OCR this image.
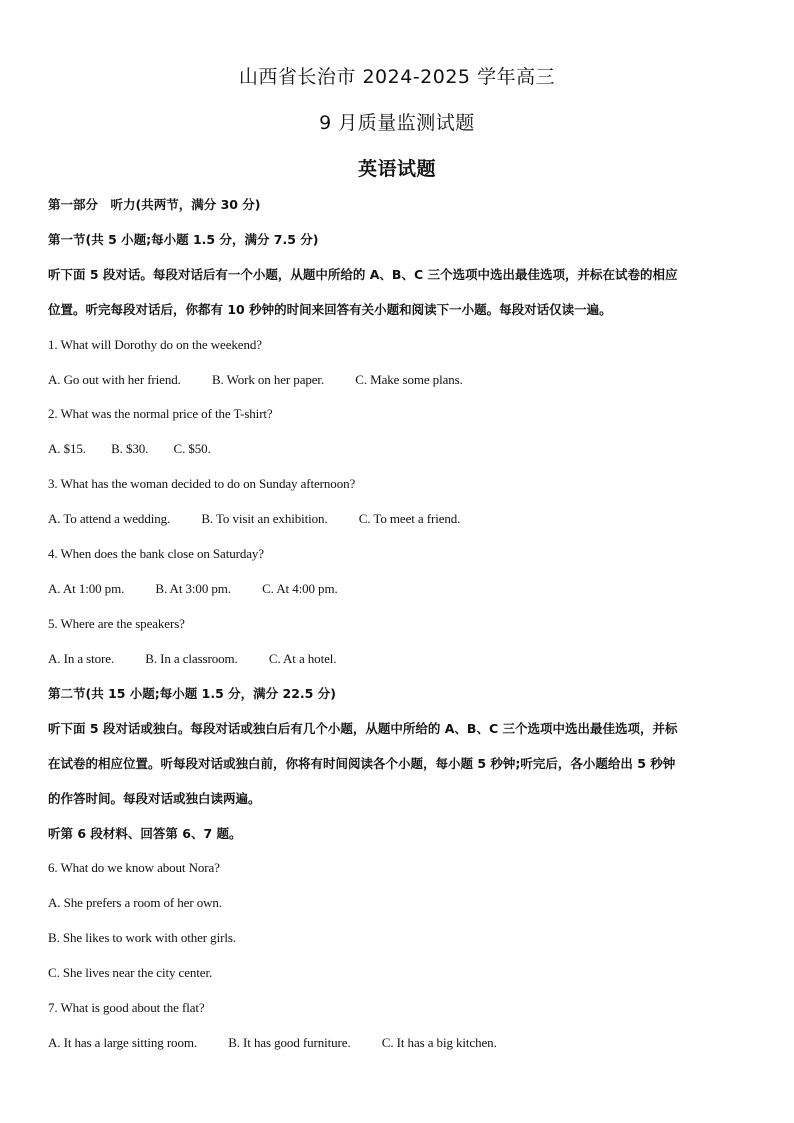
山西省长治市 2024-2025 学年高三
9 月质量监测试题
英语试题
第一部分　听力(共两节，满分 30 分)
第一节(共 5 小题;每小题 1.5 分，满分 7.5 分)
听下面 5 段对话。每段对话后有一个小题，从题中所给的 A、B、C 三个选项中选出最佳选项，并标在试卷的相应
位置。听完每段对话后，你都有 10 秒钟的时间来回答有关小题和阅读下一小题。每段对话仅读一遍。
1. What will Dorothy do on the weekend?
A. Go out with her friend. B. Work on her paper. C. Make some plans.
2. What was the normal price of the T-shirt?
A. $15. B. $30. C. $50.
3. What has the woman decided to do on Sunday afternoon?
A. To attend a wedding. B. To visit an exhibition. C. To meet a friend.
4. When does the bank close on Saturday?
A. At 1:00 pm. B. At 3:00 pm. C. At 4:00 pm.
5. Where are the speakers?
A. In a store. B. In a classroom. C. At a hotel.
第二节(共 15 小题;每小题 1.5 分，满分 22.5 分)
听下面 5 段对话或独白。每段对话或独白后有几个小题，从题中所给的 A、B、C 三个选项中选出最佳选项，并标
在试卷的相应位置。听每段对话或独白前，你将有时间阅读各个小题，每小题 5 秒钟;听完后，各小题给出 5 秒钟
的作答时间。每段对话或独白读两遍。
听第 6 段材料、回答第 6、7 题。
6. What do we know about Nora?
A. She prefers a room of her own.
B. She likes to work with other girls.
C. She lives near the city center.
7. What is good about the flat?
A. It has a large sitting room. B. It has good furniture. C. It has a big kitchen.
